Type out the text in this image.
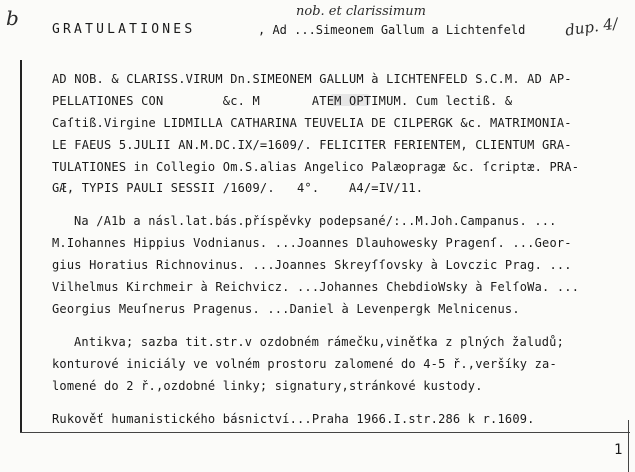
b	GRATULATIONES	, Ad ...Simeonem Gallum a Lichtenfeld
nob. et clarissimum
dup. 4/
AD NOB. & CLARISS.VIRUM Dn.SIMEONEM GALLUM à LICHTENFELD S.C.M. AD AP-
PELLATIONES CON        &c. M       ATEM OPTIMUM. Cum lectiß. &
Caſtiß.Virgine LIDMILLA CATHARINA TEUVELIA DE CILPERGK &c. MATRIMONIA-
LE FAEUS 5.JULII AN.M.DC.IX/=1609/. FELICITER FERIENTEM, CLIENTUM GRA-
TULATIONES in Collegio Om.S.alias Angelico Palæopragæ &c. ſcriptæ. PRA-
GÆ, TYPIS PAULI SESSII /1609/.   4°.    A4/=IV/11.
Na /A1b a násl.lat.bás.příspěvky podepsané/:..M.Joh.Campanus. ...
M.Iohannes Hippius Vodnianus. ...Joannes Dlauhowesky Pragenſ. ...Geor-
gius Horatius Richnovinus. ...Joannes Skreyſſovsky à Lovczic Prag. ...
Vilhelmus Kirchmeir à Reichvicz. ...Johannes ChebdioWsky à FelſoWa. ...
Georgius Meuſnerus Pragenus. ...Daniel à Levenpergk Melnicenus.
Antikva; sazba tit.str.v ozdobném rámečku,viněťka z plných žaludů;
konturové iniciály ve volném prostoru zalomené do 4-5 ř.,veršíky za-
lomené do 2 ř.,ozdobné linky; signatury,stránkové kustody.
Rukověť humanistického básnictví...Praha 1966.I.str.286 k r.1609.
1
